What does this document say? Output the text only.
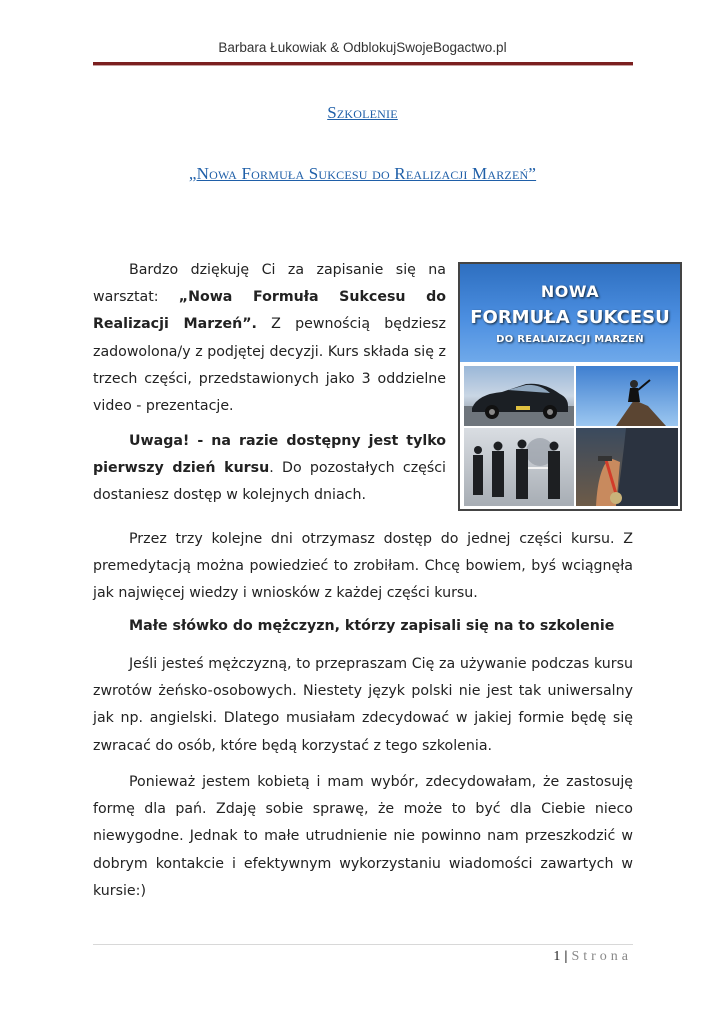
Barbara Łukowiak & OdblokujSwojeBogactwo.pl
Szkolenie
„Nowa Formuła Sukcesu do Realizacji Marzeń”

Bardzo dziękuję Ci za zapisanie się na warsztat: „Nowa Formuła Sukcesu do Realizacji Marzeń”. Z pewnością będziesz zadowolona/y z podjętej decyzji. Kurs składa się z trzech części, przedstawionych jako 3 oddzielne video - prezentacje.

Uwaga! - na razie dostępny jest tylko pierwszy dzień kursu. Do pozostałych części dostaniesz dostęp w kolejnych dniach.

NOWA
FORMUŁA SUKCESU
DO REALAIZACJI MARZEŃ

Przez trzy kolejne dni otrzymasz dostęp do jednej części kursu. Z premedytacją można powiedzieć to zrobiłam. Chcę bowiem, byś wciągnęła jak najwięcej wiedzy i wniosków z każdej części kursu.

Małe słówko do mężczyzn, którzy zapisali się na to szkolenie

Jeśli jesteś mężczyzną, to przepraszam Cię za używanie podczas kursu zwrotów żeńsko-osobowych. Niestety język polski nie jest tak uniwersalny jak np. angielski. Dlatego musiałam zdecydować w jakiej formie będę się zwracać do osób, które będą korzystać z tego szkolenia.

Ponieważ jestem kobietą i mam wybór, zdecydowałam, że zastosuję formę dla pań. Zdaję sobie sprawę, że może to być dla Ciebie nieco niewygodne. Jednak to małe utrudnienie nie powinno nam przeszkodzić w dobrym kontakcie i efektywnym wykorzystaniu wiadomości zawartych w kursie:)

1 | Strona
